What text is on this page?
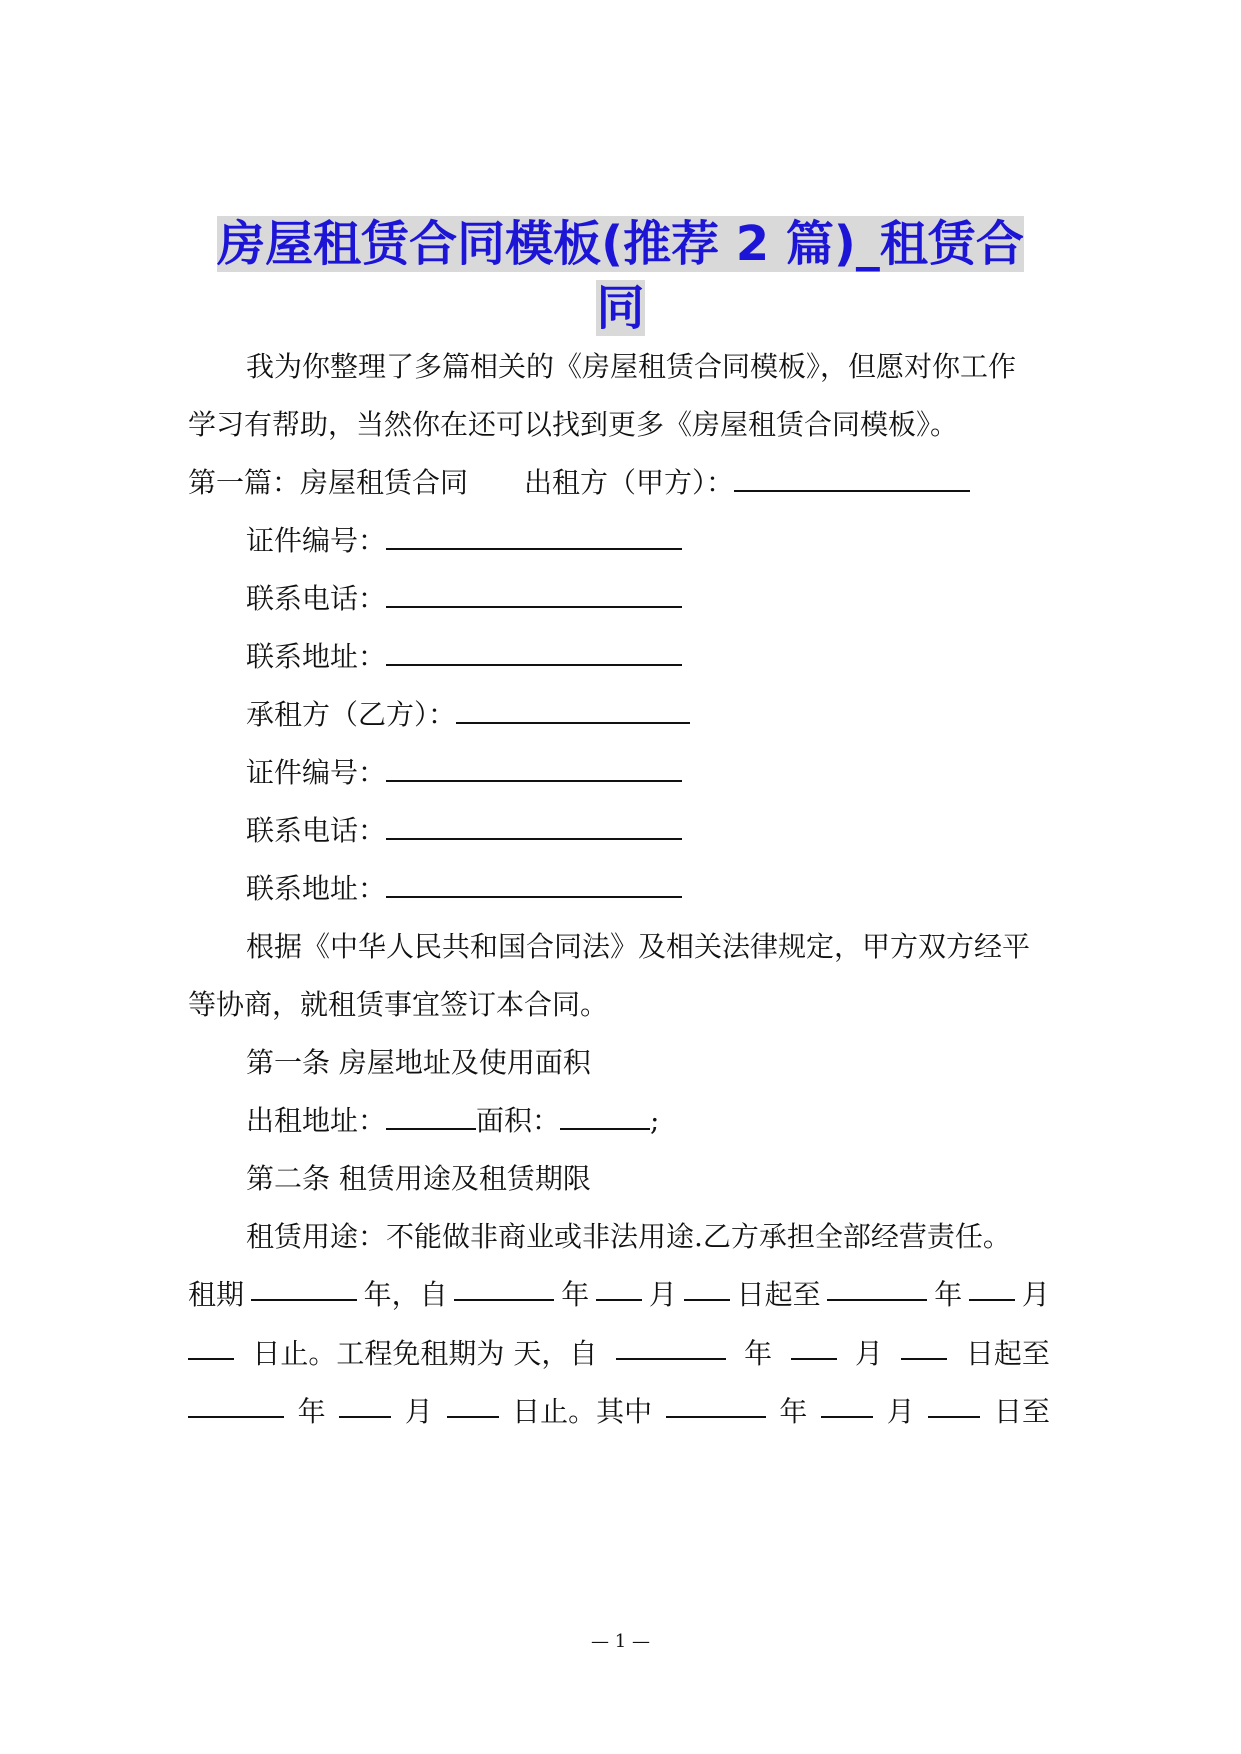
房屋租赁合同模板(推荐 2 篇)_租赁合
同
我为你整理了多篇相关的《房屋租赁合同模板》，但愿对你工作
学习有帮助，当然你在还可以找到更多《房屋租赁合同模板》。
第一篇：房屋租赁合同 出租方（甲方）：
证件编号：
联系电话：
联系地址：
承租方（乙方）：
证件编号：
联系电话：
联系地址：
根据《中华人民共和国合同法》及相关法律规定，甲方双方经平
等协商，就租赁事宜签订本合同。
第一条 房屋地址及使用面积
出租地址：	面积：	;
第二条 租赁用途及租赁期限
租赁用途：不能做非商业或非法用途.乙方承担全部经营责任。
租期	年，自	年 月 日起至	年 月
日止。工程免租期为 天，自	年	月	日起至
年	月	日止。其中	年	月	日至
— 1 —
